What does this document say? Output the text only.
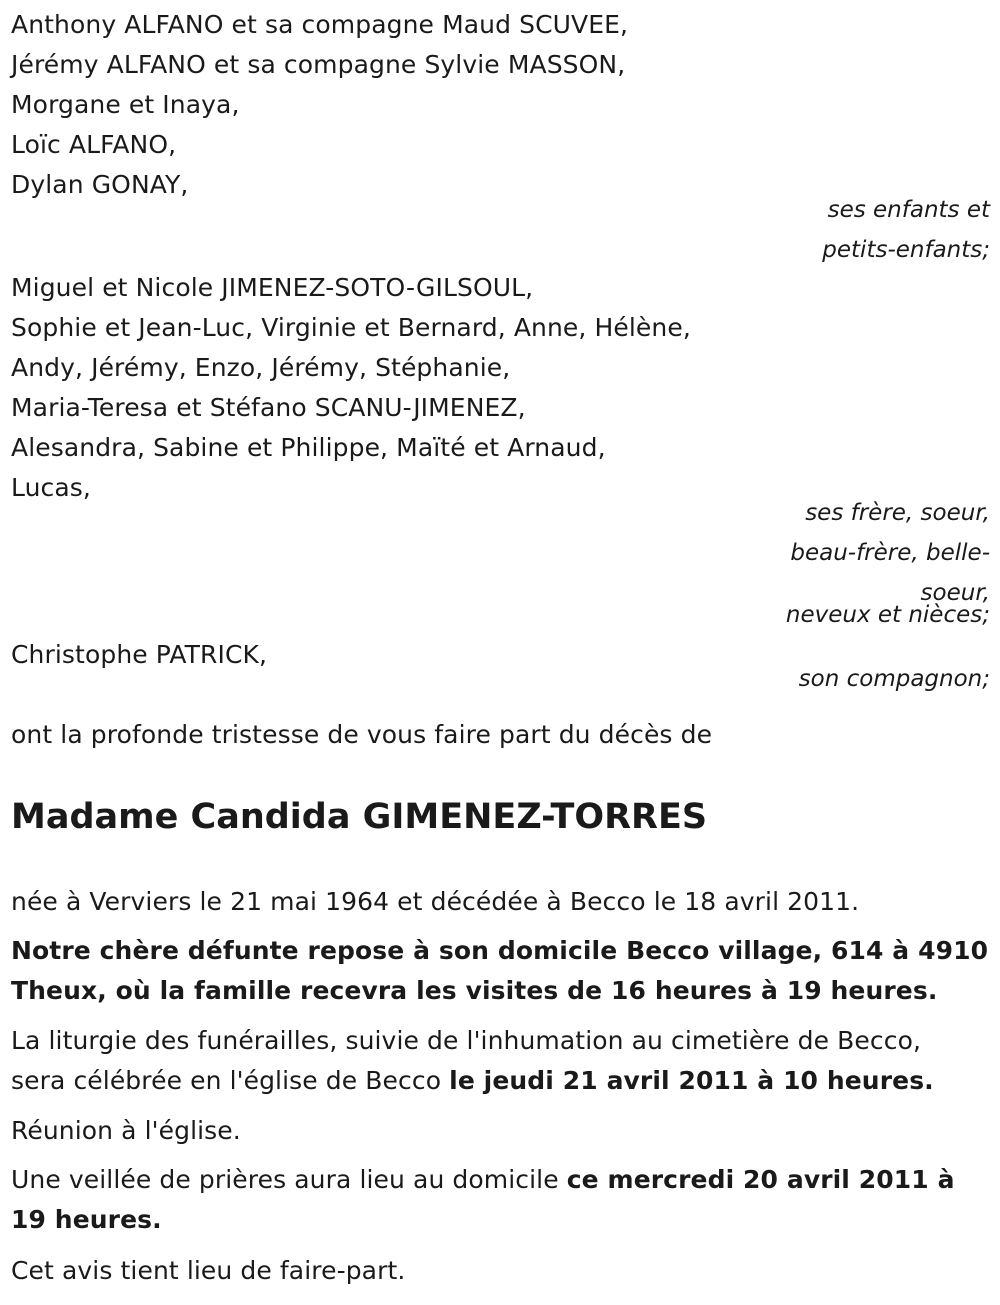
Anthony ALFANO et sa compagne Maud SCUVEE,
Jérémy ALFANO et sa compagne Sylvie MASSON,
Morgane et Inaya,
Loïc ALFANO,
Dylan GONAY,
ses enfants et
petits-enfants;
Miguel et Nicole JIMENEZ-SOTO-GILSOUL,
Sophie et Jean-Luc, Virginie et Bernard, Anne, Hélène,
Andy, Jérémy, Enzo, Jérémy, Stéphanie,
Maria-Teresa et Stéfano SCANU-JIMENEZ,
Alesandra, Sabine et Philippe, Maïté et Arnaud,
Lucas,
ses frère, soeur,
beau-frère, belle-
soeur,
neveux et nièces;
Christophe PATRICK,
son compagnon;
ont la profonde tristesse de vous faire part du décès de
Madame Candida GIMENEZ-TORRES
née à Verviers le 21 mai 1964 et décédée à Becco le 18 avril 2011.
Notre chère défunte repose à son domicile Becco village, 614 à 4910
Theux, où la famille recevra les visites de 16 heures à 19 heures.
La liturgie des funérailles, suivie de l'inhumation au cimetière de Becco,
sera célébrée en l'église de Becco le jeudi 21 avril 2011 à 10 heures.
Réunion à l'église.
Une veillée de prières aura lieu au domicile ce mercredi 20 avril 2011 à
19 heures.
Cet avis tient lieu de faire-part.
